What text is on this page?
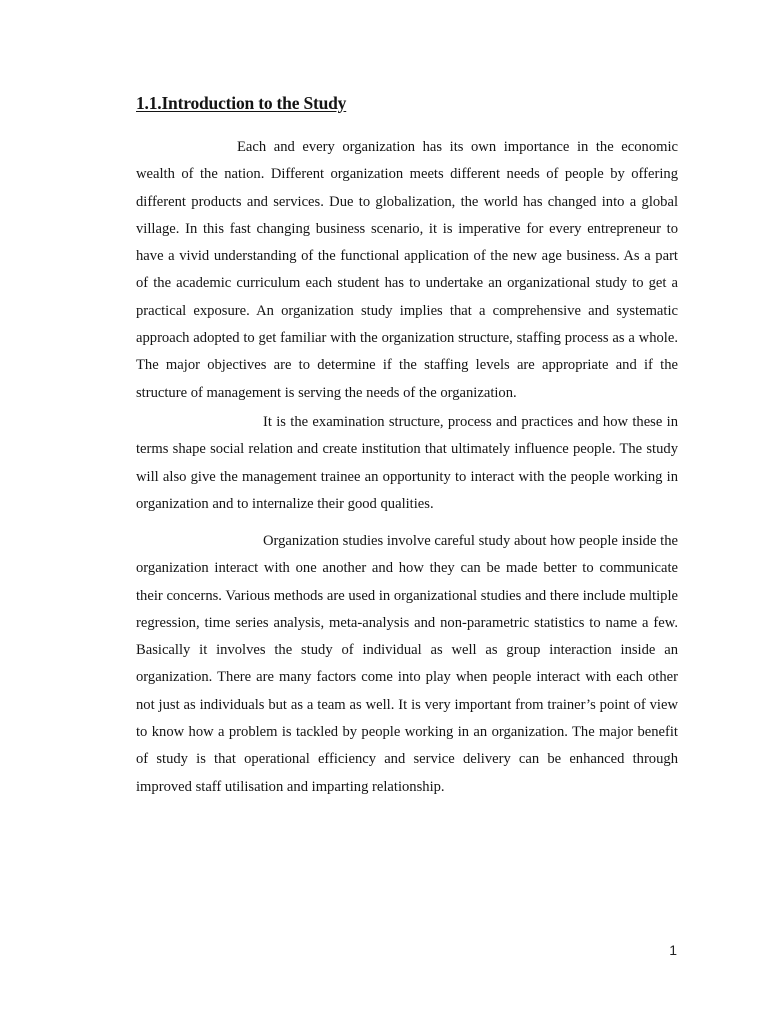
1.1.Introduction to the Study

Each and every organization has its own importance in the economic wealth of the nation. Different organization meets different needs of people by offering different products and services. Due to globalization, the world has changed into a global village. In this fast changing business scenario, it is imperative for every entrepreneur to have a vivid understanding of the functional application of the new age business. As a part of the academic curriculum each student has to undertake an organizational study to get a practical exposure. An organization study implies that a comprehensive and systematic approach adopted to get familiar with the organization structure, staffing process as a whole. The major objectives are to determine if the staffing levels are appropriate and if the structure of management is serving the needs of the organization.

It is the examination structure, process and practices and how these in terms shape social relation and create institution that ultimately influence people. The study will also give the management trainee an opportunity to interact with the people working in organization and to internalize their good qualities.

Organization studies involve careful study about how people inside the organization interact with one another and how they can be made better to communicate their concerns. Various methods are used in organizational studies and there include multiple regression, time series analysis, meta-analysis and non-parametric statistics to name a few. Basically it involves the study of individual as well as group interaction inside an organization. There are many factors come into play when people interact with each other not just as individuals but as a team as well. It is very important from trainer’s point of view to know how a problem is tackled by people working in an organization. The major benefit of study is that operational efficiency and service delivery can be enhanced through improved staff utilisation and imparting relationship.

1
